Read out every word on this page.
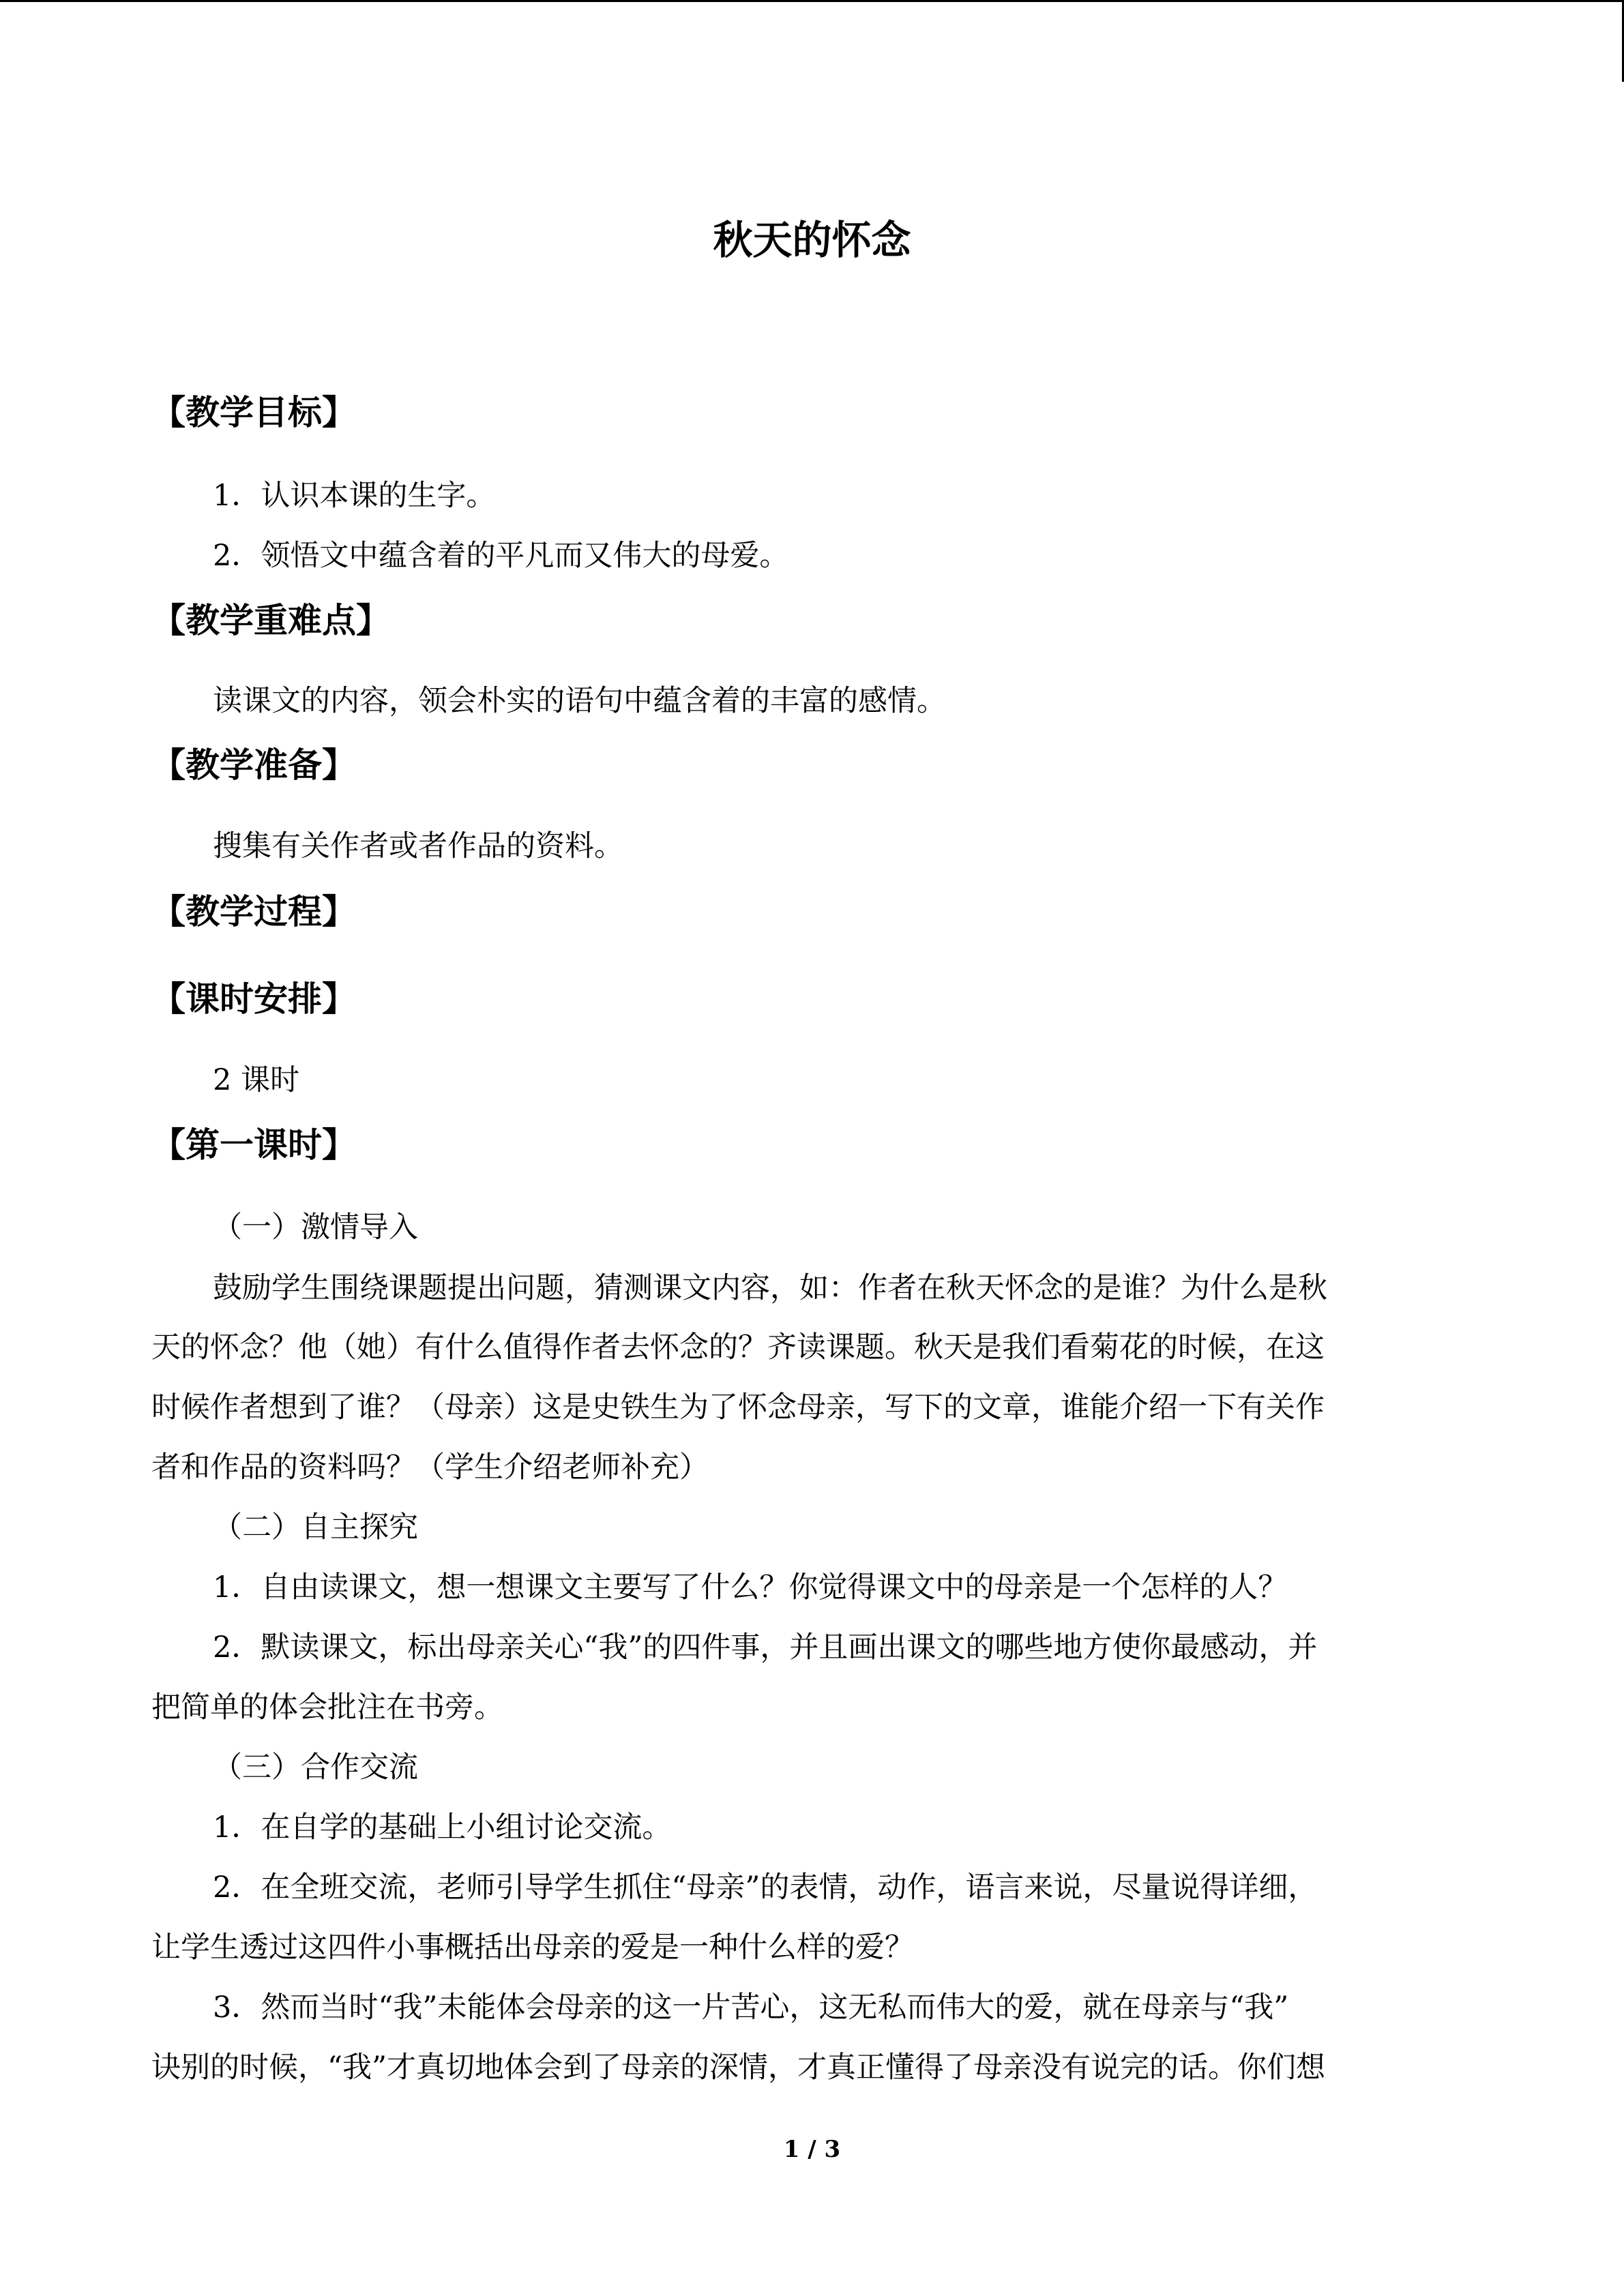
秋天的怀念
【教学目标】
1．认识本课的生字。
2．领悟文中蕴含着的平凡而又伟大的母爱。
【教学重难点】
读课文的内容，领会朴实的语句中蕴含着的丰富的感情。
【教学准备】
搜集有关作者或者作品的资料。
【教学过程】
【课时安排】
2 课时
【第一课时】
（一）激情导入
鼓励学生围绕课题提出问题，猜测课文内容，如：作者在秋天怀念的是谁？为什么是秋
天的怀念？他（她）有什么值得作者去怀念的？齐读课题。秋天是我们看菊花的时候，在这
时候作者想到了谁？（母亲）这是史铁生为了怀念母亲，写下的文章，谁能介绍一下有关作
者和作品的资料吗？（学生介绍老师补充）
（二）自主探究
1．自由读课文，想一想课文主要写了什么？你觉得课文中的母亲是一个怎样的人？
2．默读课文，标出母亲关心“我”的四件事，并且画出课文的哪些地方使你最感动，并
把简单的体会批注在书旁。
（三）合作交流
1．在自学的基础上小组讨论交流。
2．在全班交流，老师引导学生抓住“母亲”的表情，动作，语言来说，尽量说得详细，
让学生透过这四件小事概括出母亲的爱是一种什么样的爱？
3．然而当时“我”未能体会母亲的这一片苦心，这无私而伟大的爱，就在母亲与“我”
诀别的时候，“我”才真切地体会到了母亲的深情，才真正懂得了母亲没有说完的话。你们想
1 / 3
